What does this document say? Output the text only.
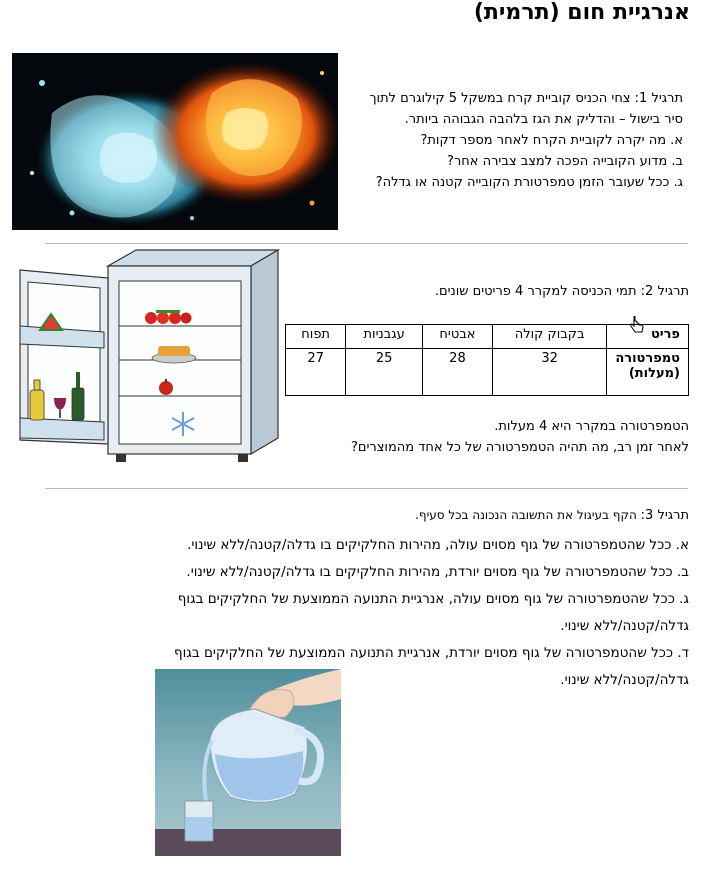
אנרגיית חום (תרמית)
תרגיל 1: צחי הכניס קוביית קרח במשקל 5 קילוגרם לתוך
סיר בישול – והדליק את הגז בלהבה הגבוהה ביותר.
א. מה יקרה לקוביית הקרח לאחר מספר דקות?
ב. מדוע הקובייה הפכה למצב צבירה אחר?
ג. ככל שעובר הזמן טמפרטורת הקובייה קטנה או גדלה?
תרגיל 2: תמי הכניסה למקרר 4 פריטים שונים.
פריט	בקבוק קולה	אבטיח	עגבניות	תפוח
טמפרטורה (מעלות)	32	28	25	27
הטמפרטורה במקרר היא 4 מעלות.
לאחר זמן רב, מה תהיה הטמפרטורה של כל אחד מהמוצרים?
תרגיל 3: הקף בעיגול את התשובה הנכונה בכל סעיף.
א. ככל שהטמפרטורה של גוף מסוים עולה, מהירות החלקיקים בו גדלה/קטנה/ללא שינוי.
ב. ככל שהטמפרטורה של גוף מסוים יורדת, מהירות החלקיקים בו גדלה/קטנה/ללא שינוי.
ג. ככל שהטמפרטורה של גוף מסוים עולה, אנרגיית התנועה הממוצעת של החלקיקים בגוף
גדלה/קטנה/ללא שינוי.
ד. ככל שהטמפרטורה של גוף מסוים יורדת, אנרגיית התנועה הממוצעת של החלקיקים בגוף
גדלה/קטנה/ללא שינוי.
